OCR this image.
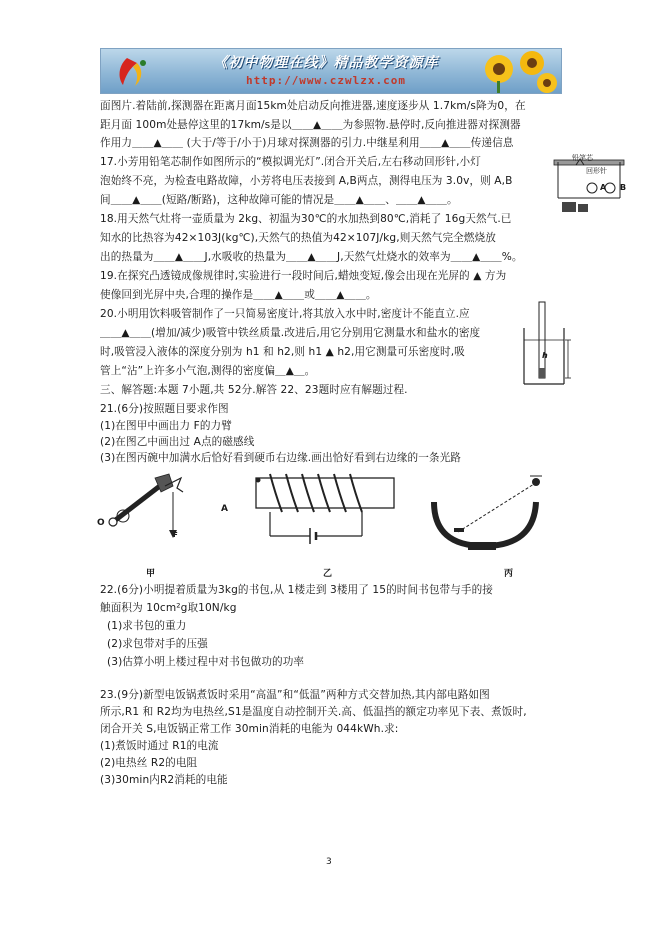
《初中物理在线》精品教学资源库
http://www.czwlzx.com
面图片.着陆前,探测器在距离月面15km处启动反向推进器,速度逐步从 1.7km/s降为0，在
距月面 100m处悬停这里的17km/s是以＿＿▲＿＿为参照物.悬停时,反向推进器对探测器
作用力＿＿▲＿＿ (大于/等于/小于)月球对探测器的引力.中继星利用＿＿▲＿＿传递信息
17.小芳用铅笔芯制作如图所示的“模拟调光灯”.闭合开关后,左右移动回形针,小灯
泡始终不亮，为检查电路故障，小芳将电压表接到 A,B两点，测得电压为 3.0v，则 A,B
间＿＿▲＿＿(短路/断路)，这种故障可能的情况是＿＿▲＿＿、＿＿▲＿＿。
18.用天然气灶将一壶质量为 2kg、初温为30℃的水加热到80℃,消耗了 16g天然气.已
知水的比热容为42×103J(kg℃),天然气的热值为42×107J/kg,则天然气完全燃烧放
出的热量为＿＿▲＿＿J,水吸收的热量为＿＿▲＿＿J,天然气灶烧水的效率为＿＿▲＿＿%。
19.在探究凸透镜成像规律时,实验进行一段时间后,蜡烛变短,像会出现在光屏的 ▲ 方为
使像回到光屏中央,合理的操作是＿＿▲＿＿或＿＿▲＿＿。
20.小明用饮料吸管制作了一只简易密度计,将其放入水中时,密度计不能直立.应
＿＿▲＿＿(增加/减少)吸管中铁丝质量.改进后,用它分别用它测量水和盐水的密度
时,吸管浸入液体的深度分别为 h1 和 h2,则 h1 ▲ h2,用它测量可乐密度时,吸
管上“沾”上许多小气泡,测得的密度偏＿▲＿。
三、解答题:本题 7小题,共 52分.解答 22、23题时应有解题过程.
21.(6分)按照题目要求作图
(1)在图甲中画出力 F的力臂
(2)在图乙中画出过 A点的磁感线
(3)在图丙碗中加满水后恰好看到硬币右边缘.画出恰好看到右边缘的一条光路
22.(6分)小明提着质量为3kg的书包,从 1楼走到 3楼用了 15的时间书包带与手的接
触面积为 10cm²g取10N/kg
(1)求书包的重力
(2)求包带对手的压强
(3)估算小明上楼过程中对书包做功的功率
23.(9分)新型电饭锅煮饭时采用“高温”和“低温”两种方式交替加热,其内部电路如图
所示,R1 和 R2均为电热丝,S1是温度自动控制开关.高、低温挡的额定功率见下表、煮饭时,
闭合开关 S,电饭锅正常工作 30min消耗的电能为 044kWh.求:
(1)煮饭时通过 R1的电流
(2)电热丝 R2的电阻
(3)30min内R2消耗的电能
铅笔芯
回形针
A B
h
O
F
A
甲	乙	丙
3
